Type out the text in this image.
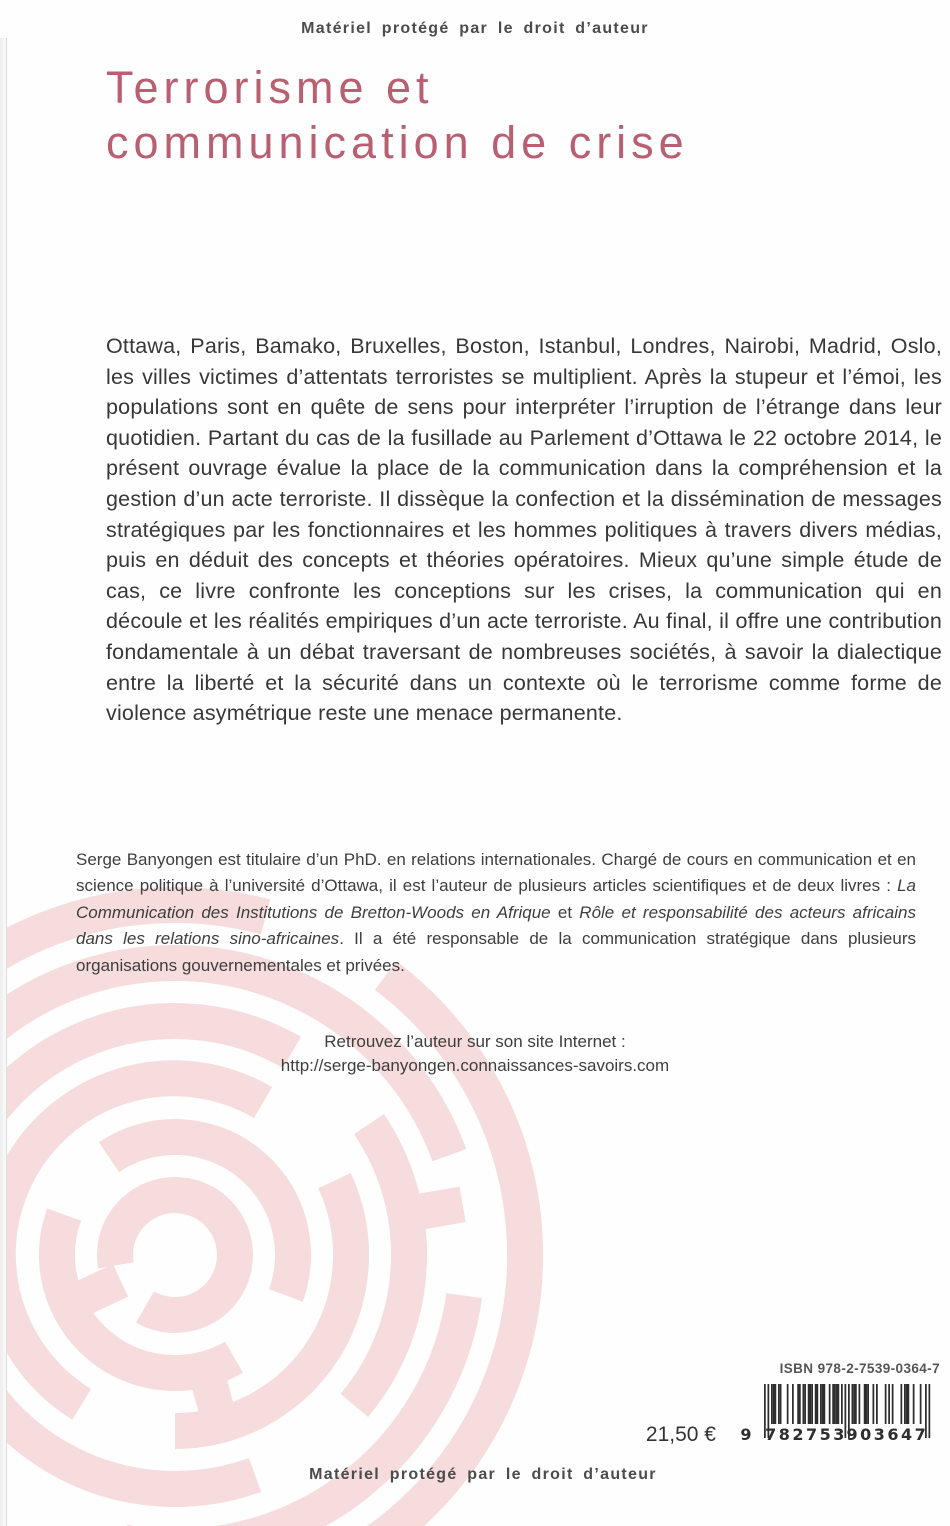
Matériel protégé par le droit d’auteur
Terrorisme et
communication de crise

Ottawa, Paris, Bamako, Bruxelles, Boston, Istanbul, Londres, Nairobi, Madrid, Oslo, les villes victimes d’attentats terroristes se multiplient. Après la stupeur et l’émoi, les populations sont en quête de sens pour interpréter l’irruption de l’étrange dans leur quotidien. Partant du cas de la fusillade au Parlement d’Ottawa le 22 octobre 2014, le présent ouvrage évalue la place de la communication dans la compréhension et la gestion d’un acte terroriste. Il dissèque la confection et la dissémination de messages stratégiques par les fonctionnaires et les hommes politiques à travers divers médias, puis en déduit des concepts et théories opératoires. Mieux qu’une simple étude de cas, ce livre confronte les conceptions sur les crises, la communication qui en découle et les réalités empiriques d’un acte terroriste. Au final, il offre une contribution fondamentale à un débat traversant de nombreuses sociétés, à savoir la dialectique entre la liberté et la sécurité dans un contexte où le terrorisme comme forme de violence asymétrique reste une menace permanente.

Serge Banyongen est titulaire d’un PhD. en relations internationales. Chargé de cours en communication et en science politique à l’université d’Ottawa, il est l’auteur de plusieurs articles scientifiques et de deux livres : La Communication des Institutions de Bretton-Woods en Afrique et Rôle et responsabilité des acteurs africains dans les relations sino-africaines. Il a été responsable de la communication stratégique dans plusieurs organisations gouvernementales et privées.

Retrouvez l’auteur sur son site Internet :
http://serge-banyongen.connaissances-savoirs.com
ISBN 978-2-7539-0364-7
21,50 € 9 782753 903647
Matériel protégé par le droit d’auteur
